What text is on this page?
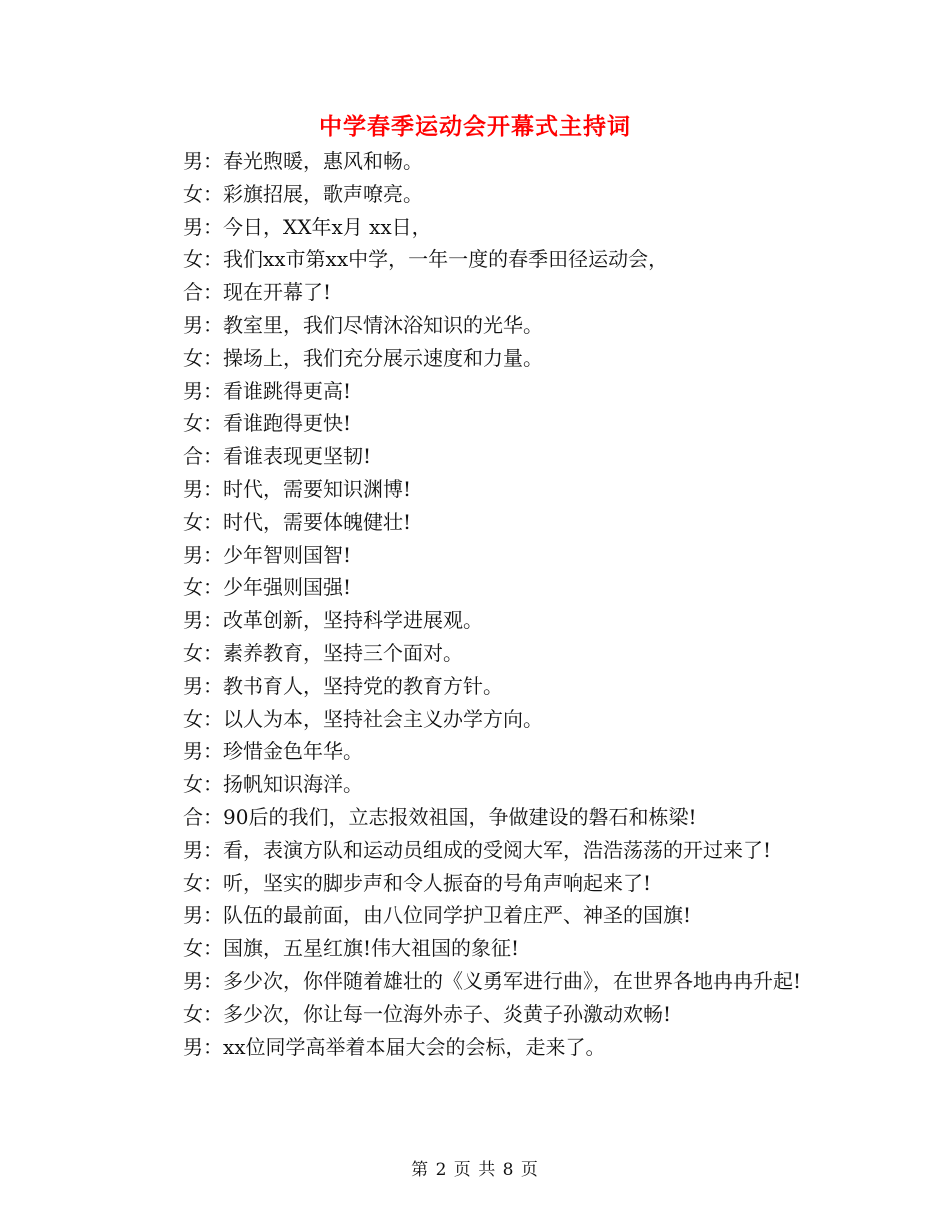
中学春季运动会开幕式主持词

男：春光煦暖，惠风和畅。

女：彩旗招展，歌声嘹亮。

男：今日，XX年x月 xx日，

女：我们xx市第xx中学，一年一度的春季田径运动会，

合：现在开幕了!

男：教室里，我们尽情沐浴知识的光华。

女：操场上，我们充分展示速度和力量。

男：看谁跳得更高!

女：看谁跑得更快!

合：看谁表现更坚韧!

男：时代，需要知识渊博!

女：时代，需要体魄健壮!

男：少年智则国智!

女：少年强则国强!

男：改革创新，坚持科学进展观。

女：素养教育，坚持三个面对。

男：教书育人，坚持党的教育方针。

女：以人为本，坚持社会主义办学方向。

男：珍惜金色年华。

女：扬帆知识海洋。

合：90后的我们，立志报效祖国，争做建设的磐石和栋梁!

男：看，表演方队和运动员组成的受阅大军，浩浩荡荡的开过来了!

女：听，坚实的脚步声和令人振奋的号角声响起来了!

男：队伍的最前面，由八位同学护卫着庄严、神圣的国旗!

女：国旗，五星红旗!伟大祖国的象征!

男：多少次，你伴随着雄壮的《义勇军进行曲》，在世界各地冉冉升起!

女：多少次，你让每一位海外赤子、炎黄子孙激动欢畅!

男：xx位同学高举着本届大会的会标，走来了。

第 2 页 共 8 页
